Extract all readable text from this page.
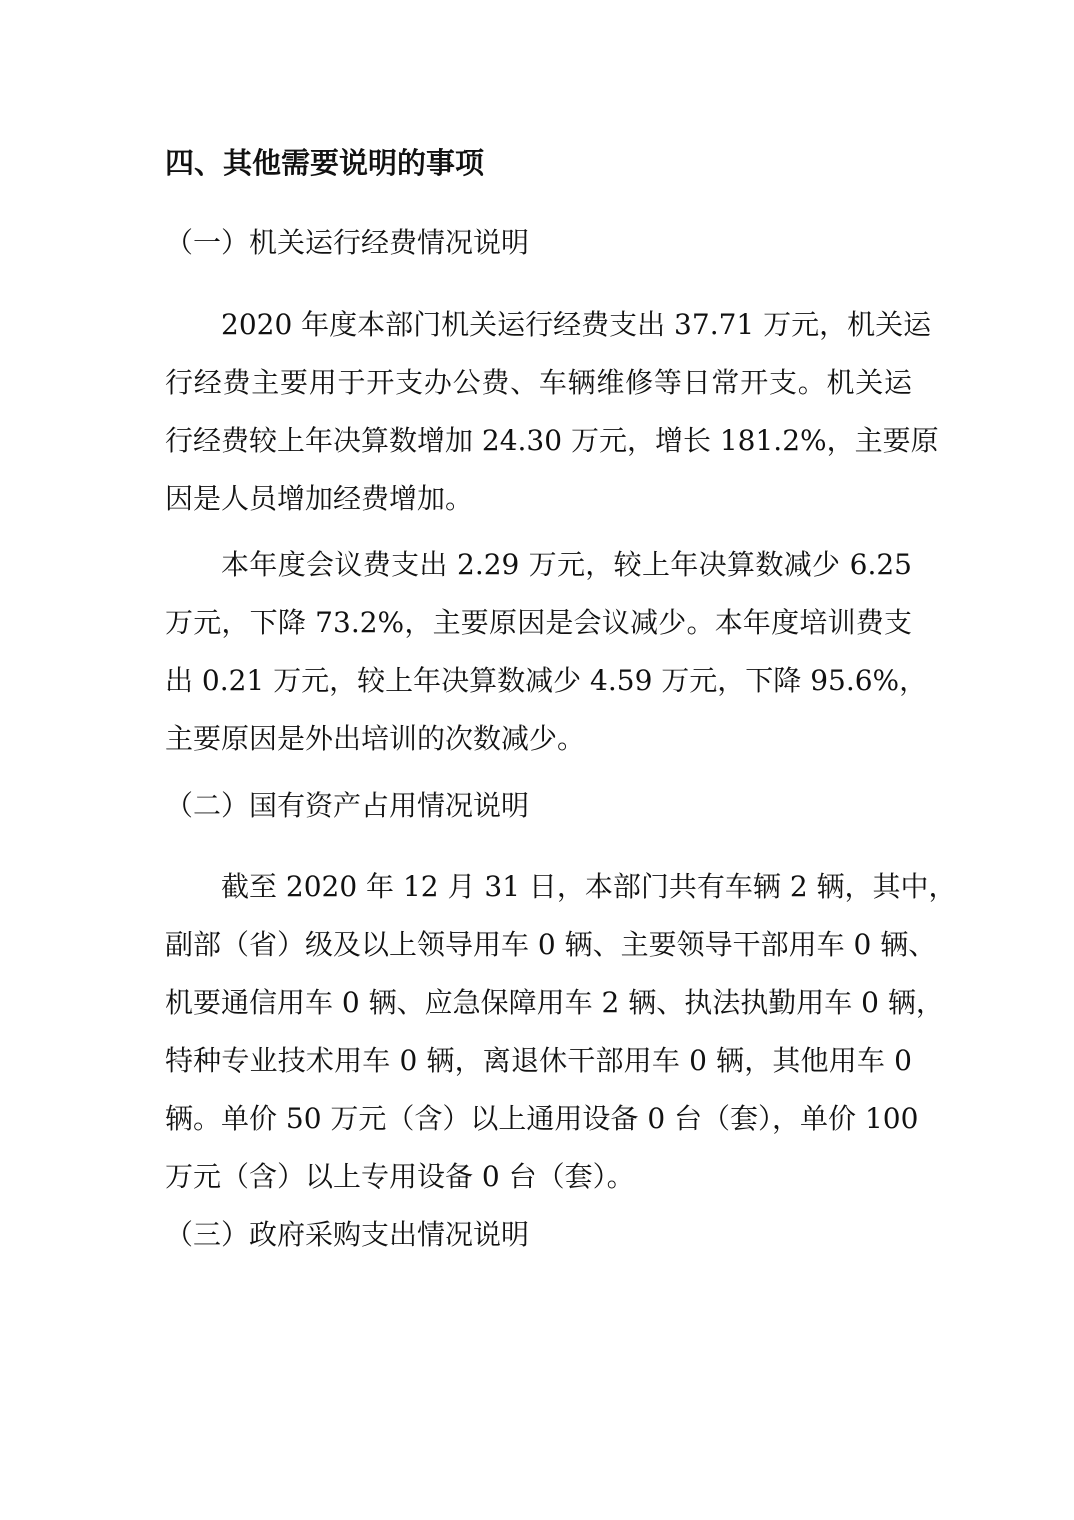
四、其他需要说明的事项
（一）机关运行经费情况说明
2020 年度本部门机关运行经费支出 37.71 万元，机关运
行经费主要用于开支办公费、车辆维修等日常开支。机关运
行经费较上年决算数增加 24.30 万元，增长 181.2%，主要原
因是人员增加经费增加。
本年度会议费支出 2.29 万元，较上年决算数减少 6.25
万元，下降 73.2%，主要原因是会议减少。本年度培训费支
出 0.21 万元，较上年决算数减少 4.59 万元，下降 95.6%，
主要原因是外出培训的次数减少。
（二）国有资产占用情况说明
截至 2020 年 12 月 31 日，本部门共有车辆 2 辆，其中，
副部（省）级及以上领导用车 0 辆、主要领导干部用车 0 辆、
机要通信用车 0 辆、应急保障用车 2 辆、执法执勤用车 0 辆，
特种专业技术用车 0 辆，离退休干部用车 0 辆，其他用车 0
辆。单价 50 万元（含）以上通用设备 0 台（套），单价 100
万元（含）以上专用设备 0 台（套）。
（三）政府采购支出情况说明
